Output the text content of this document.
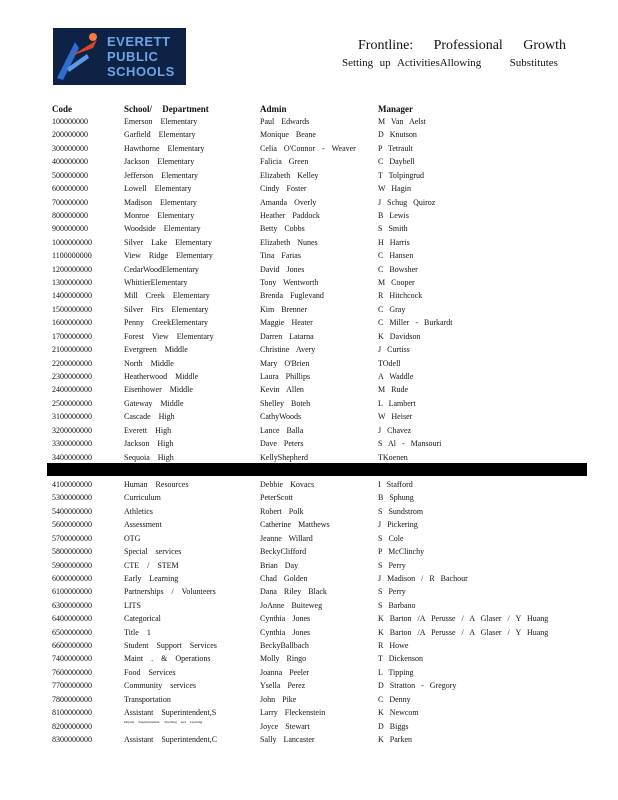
EVERETT
PUBLIC
SCHOOLS
Frontline: Professional Growth
Setting up ActivitiesAllowing	Substitutes
Code	School/ Department	Admin	Manager
100000000	Emerson Elementary	Paul Edwards	M Van Aelst
200000000	Garfield Elementary	Monique Beane	D Knutson
300000000	Hawthorne Elementary	Celia O'Connor - Weaver	P Tetrault
400000000	Jackson Elementary	Falicia Green	C Daybell
500000000	Jefferson Elementary	Elizabeth Kelley	T Tolpingrud
600000000	Lowell Elementary	Cindy Foster	W Hagin
700000000	Madison Elementary	Amanda Overly	J Schug Quiroz
800000000	Monroe Elementary	Heather Paddock	B Lewis
900000000	Woodside Elementary	Betty Cobbs	S Smith
1000000000	Silver Lake Elementary	Elizabeth Nunes	H Harris
1100000000	View Ridge Elementary	Tina Farias	C Hansen
1200000000	CedarWoodElementary	David Jones	C Bowsher
1300000000	WhittierElementary	Tony Wentworth	M Cooper
1400000000	Mill Creek Elementary	Brenda Fuglevand	R Hitchcock
1500000000	Silver Firs Elementary	Kim Brenner	C Gray
1600000000	Penny CreekElementary	Maggie Heater	C Miller - Burkardt
1700000000	Forest View Elementary	Darren Latarna	K Davidson
2100000000	Evergreen Middle	Christine Avery	J Curtiss
2200000000	North Middle	Mary O'Brien	TOdell
2300000000	Heatherwood Middle	Laura Phillips	A Waddle
2400000000	Eisenhower Middle	Kevin Allen	M Rude
2500000000	Gateway Middle	Shelley Boteh	L Lambert
3100000000	Cascade High	CathyWoods	W Heiser
3200000000	Everett High	Lance Balla	J Chavez
3300000000	Jackson High	Dave Peters	S Al - Mansouri
3400000000	Sequoia High	KellyShepherd	TKoenen
4100000000	Human Resources	Debbie Kovacs	I Stafford
5300000000	Curriculum	PeterScott	B Sphung
5400000000	Athletics	Robert Polk	S Sundstrom
5600000000	Assessment	Catherine Matthews	J Pickering
5700000000	OTG	Jeanne Willard	S Cole
5800000000	Special services	BeckyClifford	P McClinchy
5900000000	CTE / STEM	Brian Day	S Perry
6000000000	Early Learning	Chad Golden	J Madison / R Bachour
6100000000	Partnerships / Volunteers	Dana Riley Black	S Perry
6300000000	LITS	JoAnne Buiteweg	S Barbano
6400000000	Categorical	Cynthia Jones	K Barton /A Perusse / A Glaser / Y Huang
6500000000	Title 1	Cynthia Jones	K Barton /A Perusse / A Glaser / Y Huang
6600000000	Student Support Services	BeckyBallbach	R Howe
7400000000	Maint . & Operations	Molly Ringo	T Dickenson
7600000000	Food Services	Joanna Peeler	L Tipping
7700000000	Community services	Ysella Perez	D Stratton - Gregory
7800000000	Transportation	John Pike	C Denny
8100000000	Assistant Superintendent,S	Larry Fleckenstein	K Newcom
8200000000	Deputy Superintendent, Teaching and Learning	Joyce Stewart	D Biggs
8300000000	Assistant Superintendent,C	Sally Lancaster	K Parken
